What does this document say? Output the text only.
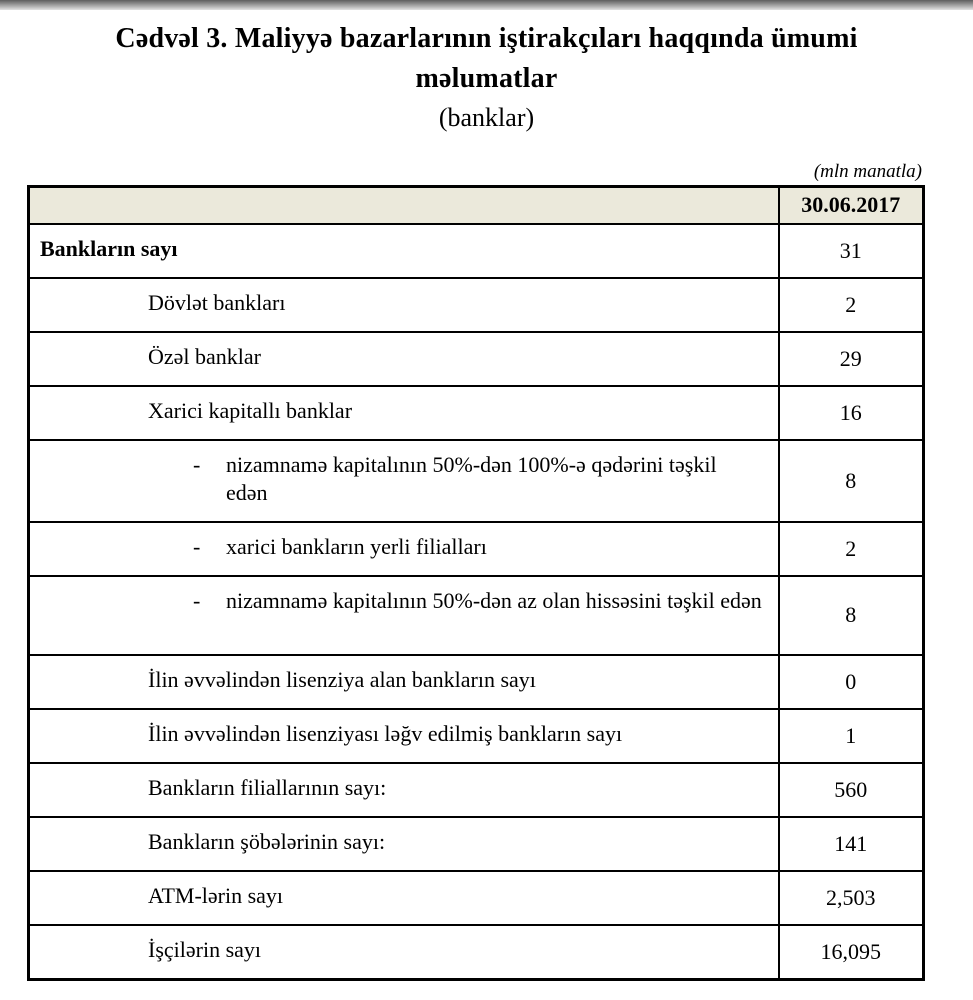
Cədvəl 3. Maliyyə bazarlarının iştirakçıları haqqında ümumi
məlumatlar
(banklar)
(mln manatla)
	30.06.2017
Bankların sayı	31
Dövlət bankları	2
Özəl banklar	29
Xarici kapitallı banklar	16

- nizamnamə kapitalının 50%-dən 100%-ə qədərini təşkil edən	8

- xarici bankların yerli filialları	2

- nizamnamə kapitalının 50%-dən az olan hissəsini təşkil edən	8
İlin əvvəlindən lisenziya alan bankların sayı	0
İlin əvvəlindən lisenziyası ləğv edilmiş bankların sayı	1
Bankların filiallarının sayı:	560
Bankların şöbələrinin sayı:	141
ATM-lərin sayı	2,503
İşçilərin sayı	16,095
